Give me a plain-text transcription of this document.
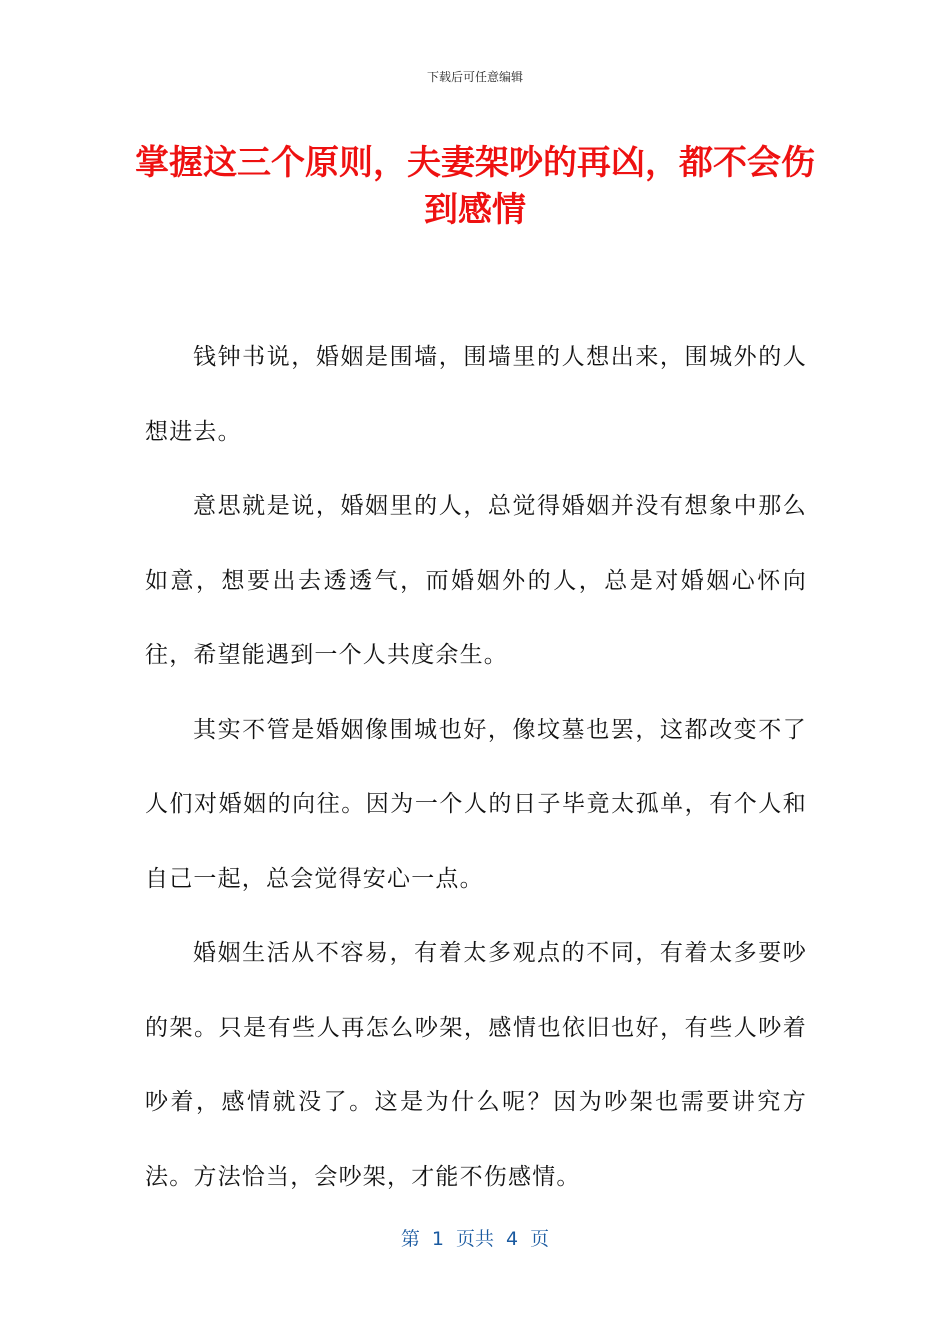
下载后可任意编辑
掌握这三个原则，夫妻架吵的再凶，都不会伤到感情

钱钟书说，婚姻是围墙，围墙里的人想出来，围城外的人想进去。

意思就是说，婚姻里的人，总觉得婚姻并没有想象中那么如意，想要出去透透气，而婚姻外的人，总是对婚姻心怀向往，希望能遇到一个人共度余生。

其实不管是婚姻像围城也好，像坟墓也罢，这都改变不了人们对婚姻的向往。因为一个人的日子毕竟太孤单，有个人和自己一起，总会觉得安心一点。

婚姻生活从不容易，有着太多观点的不同，有着太多要吵的架。只是有些人再怎么吵架，感情也依旧也好，有些人吵着吵着，感情就没了。这是为什么呢？因为吵架也需要讲究方法。方法恰当，会吵架，才能不伤感情。

第 1 页共 4 页
